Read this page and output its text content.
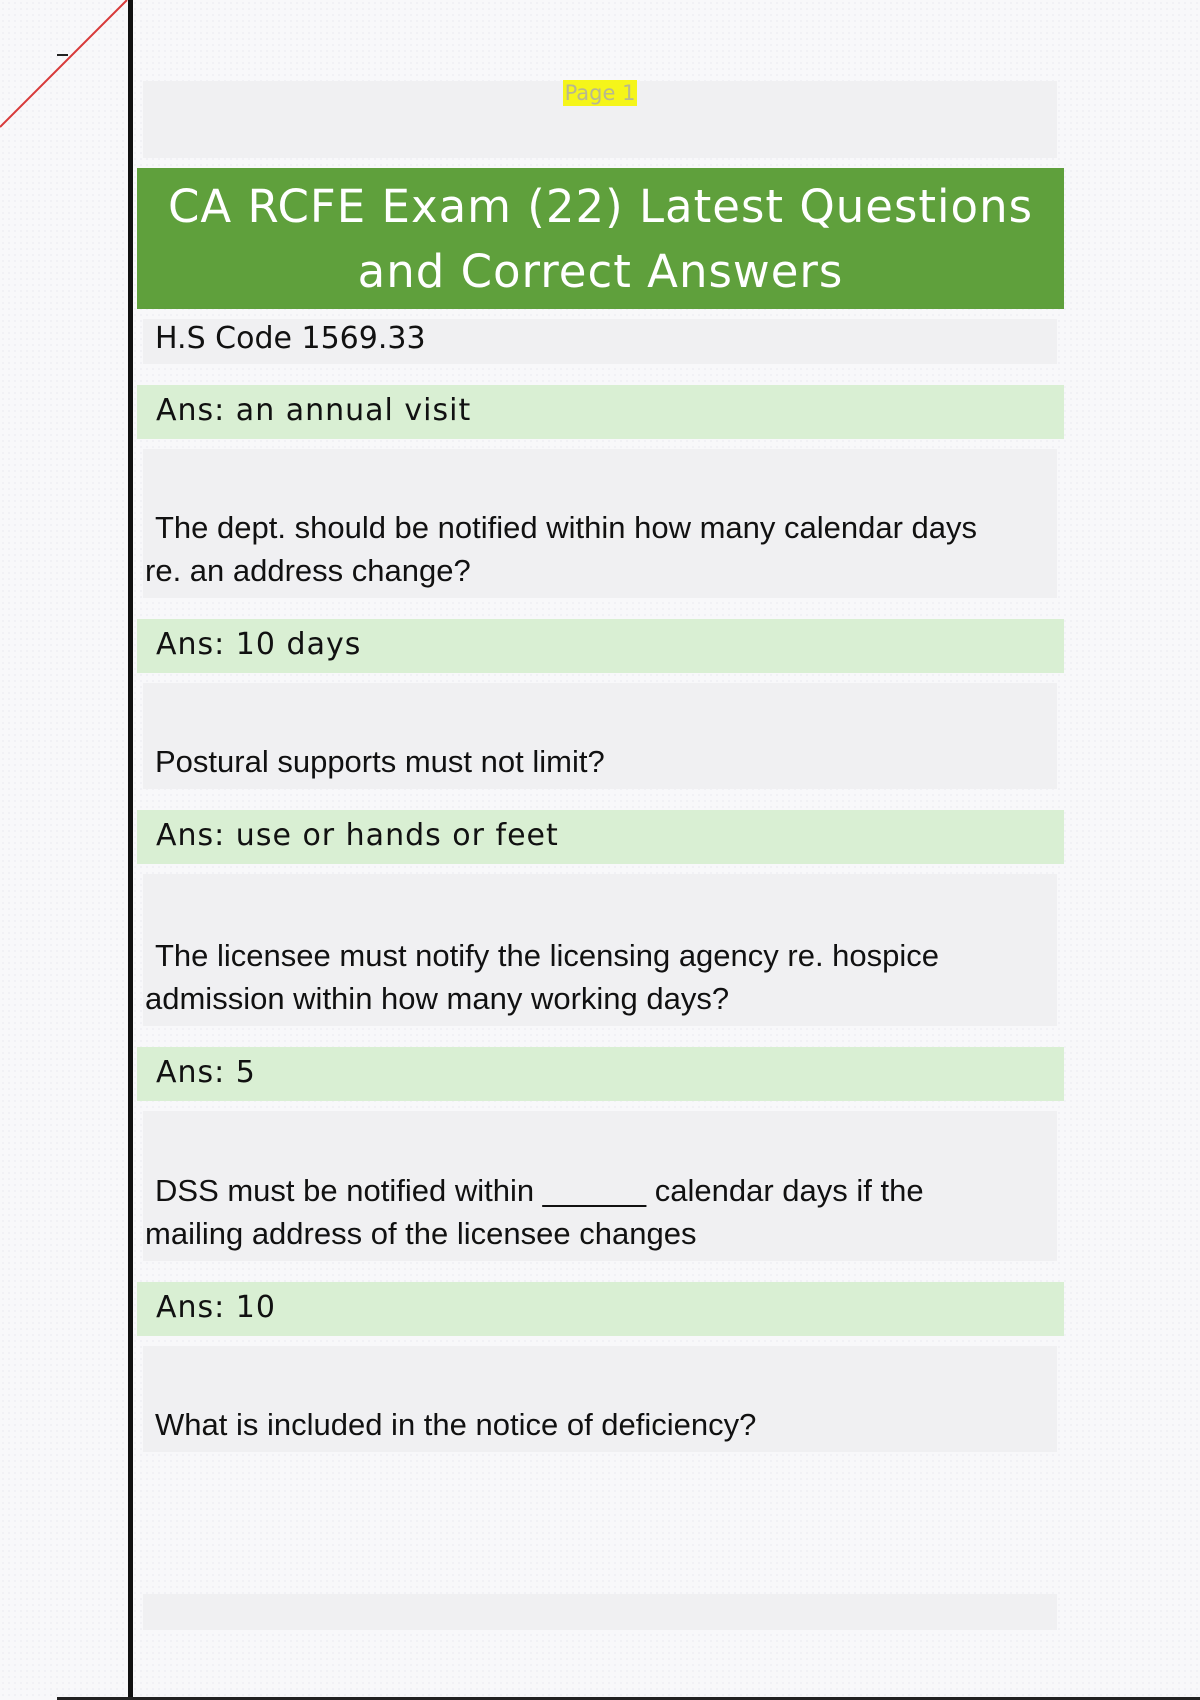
Page 1
CA RCFE Exam (22) Latest Questions and Correct Answers
H.S Code 1569.33
Ans: an annual visit
The dept. should be notified within how many calendar days
re. an address change?
Ans: 10 days
Postural supports must not limit?
Ans: use or hands or feet
The licensee must notify the licensing agency re. hospice
admission within how many working days?
Ans: 5
DSS must be notified within ______ calendar days if the
mailing address of the licensee changes
Ans: 10
What is included in the notice of deficiency?
